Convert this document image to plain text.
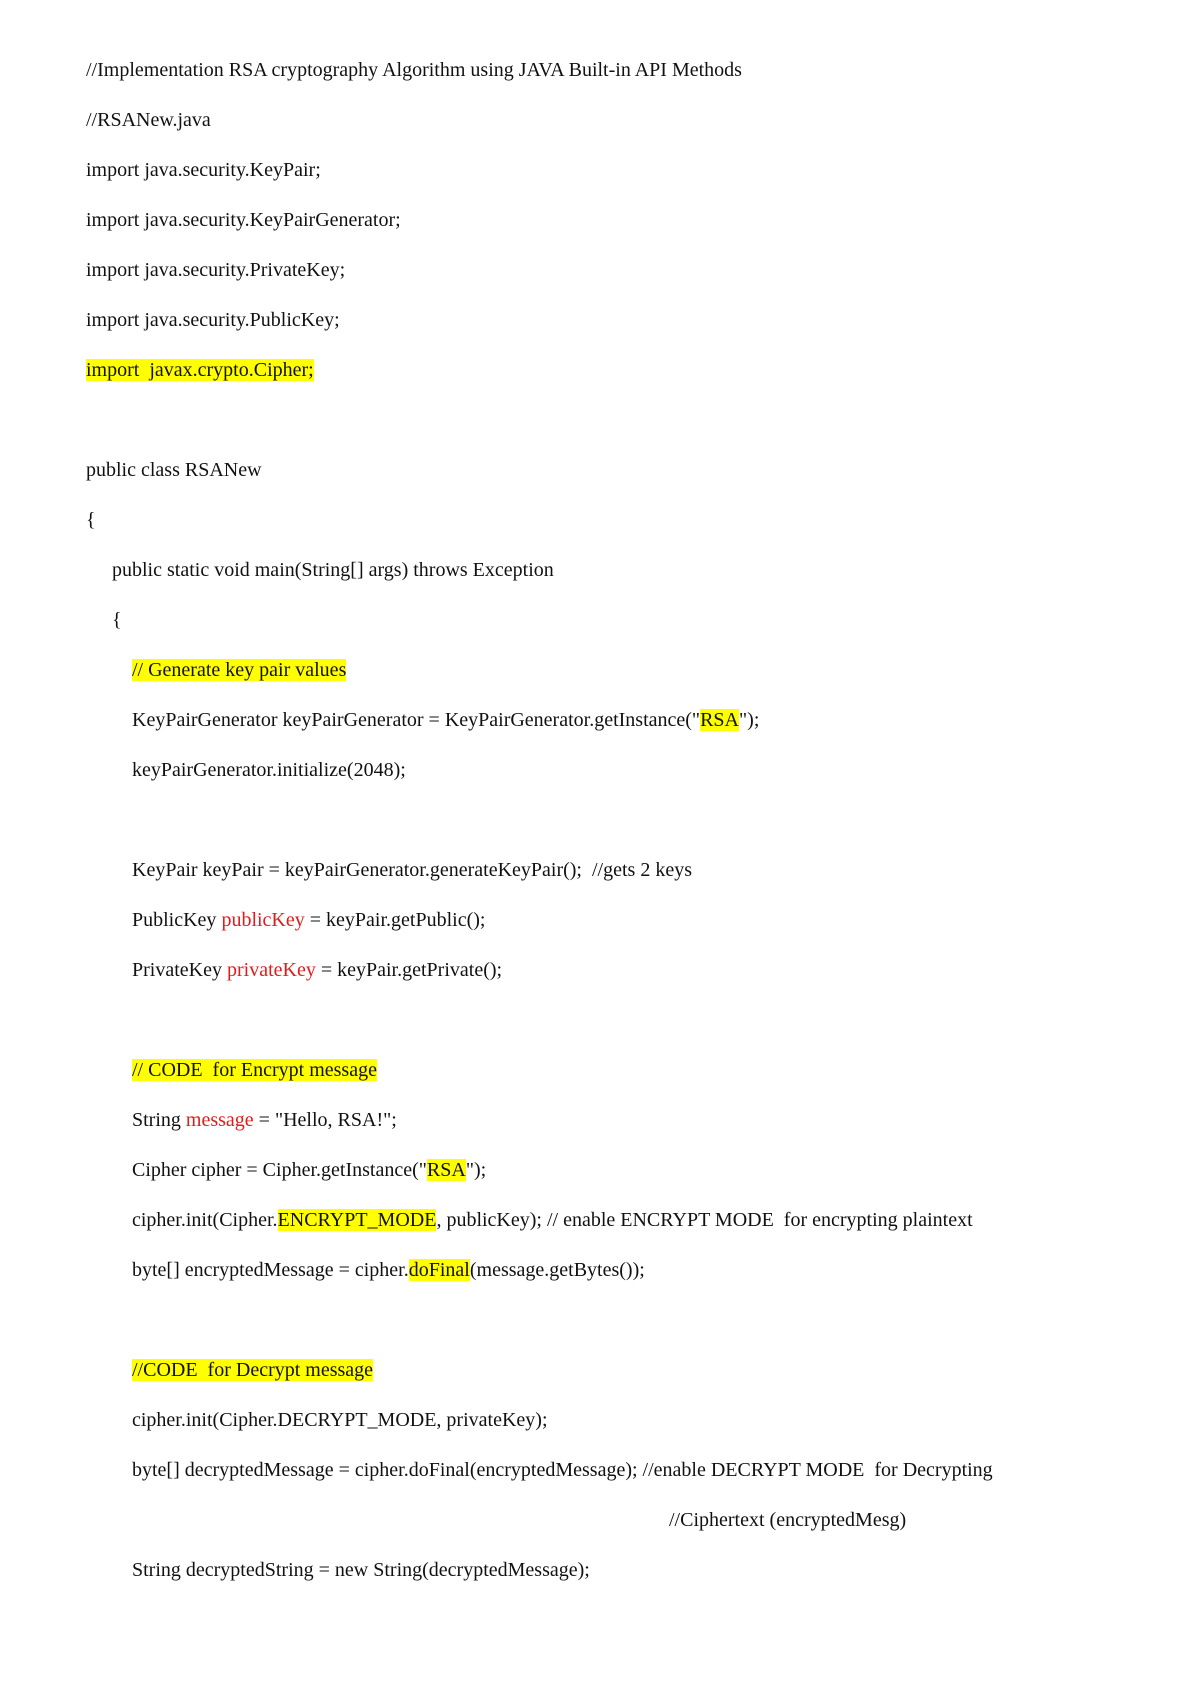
//Implementation RSA cryptography Algorithm using JAVA Built-in API Methods
//RSANew.java
import java.security.KeyPair;
import java.security.KeyPairGenerator;
import java.security.PrivateKey;
import java.security.PublicKey;
import  javax.crypto.Cipher;
public class RSANew
{
public static void main(String[] args) throws Exception
{
// Generate key pair values
KeyPairGenerator keyPairGenerator = KeyPairGenerator.getInstance("RSA");
keyPairGenerator.initialize(2048);
KeyPair keyPair = keyPairGenerator.generateKeyPair();  //gets 2 keys
PublicKey publicKey = keyPair.getPublic();
PrivateKey privateKey = keyPair.getPrivate();
// CODE  for Encrypt message
String message = "Hello, RSA!";
Cipher cipher = Cipher.getInstance("RSA");
cipher.init(Cipher.ENCRYPT_MODE, publicKey); // enable ENCRYPT MODE  for encrypting plaintext
byte[] encryptedMessage = cipher.doFinal(message.getBytes());
//CODE  for Decrypt message
cipher.init(Cipher.DECRYPT_MODE, privateKey);
byte[] decryptedMessage = cipher.doFinal(encryptedMessage); //enable DECRYPT MODE  for Decrypting
//Ciphertext (encryptedMesg)
String decryptedString = new String(decryptedMessage);
